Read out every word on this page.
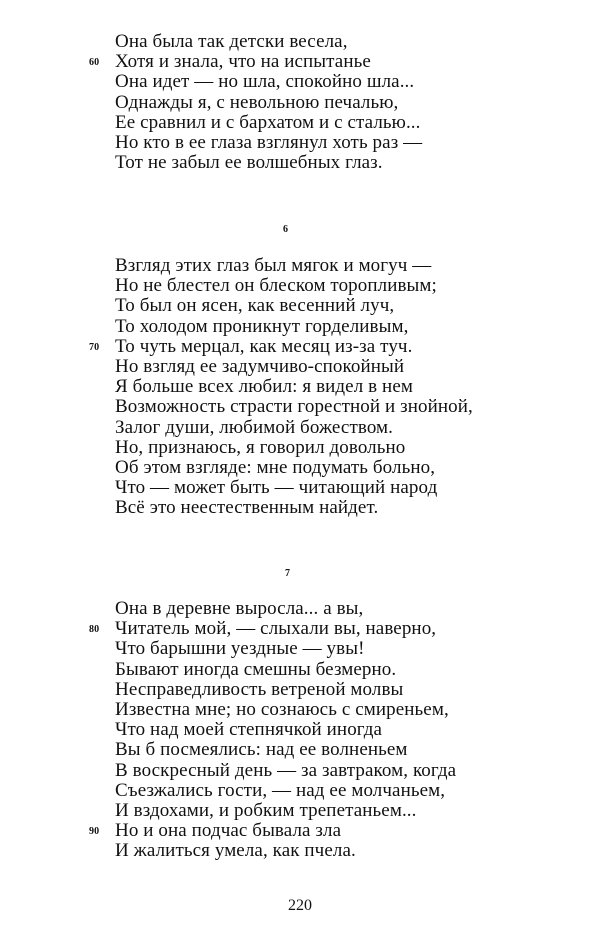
Она была так детски весела,
60 Хотя и знала, что на испытанье
Она идет — но шла, спокойно шла...
Однажды я, с невольною печалью,
Ее сравнил и с бархатом и с сталью...
Но кто в ее глаза взглянул хоть раз —
Тот не забыл ее волшебных глаз.
6
Взгляд этих глаз был мягок и могуч —
Но не блестел он блеском торопливым;
То был он ясен, как весенний луч,
То холодом проникнут горделивым,
70 То чуть мерцал, как месяц из-за туч.
Но взгляд ее задумчиво-спокойный
Я больше всех любил: я видел в нем
Возможность страсти горестной и знойной,
Залог души, любимой божеством.
Но, признаюсь, я говорил довольно
Об этом взгляде: мне подумать больно,
Что — может быть — читающий народ
Всё это неестественным найдет.
7
Она в деревне выросла... а вы,
80 Читатель мой, — слыхали вы, наверно,
Что барышни уездные — увы!
Бывают иногда смешны безмерно.
Несправедливость ветреной молвы
Известна мне; но сознаюсь с смиреньем,
Что над моей степнячкой иногда
Вы б посмеялись: над ее волненьем
В воскресный день — за завтраком, когда
Съезжались гости, — над ее молчаньем,
И вздохами, и робким трепетаньем...
90 Но и она подчас бывала зла
И жалиться умела, как пчела.
220
